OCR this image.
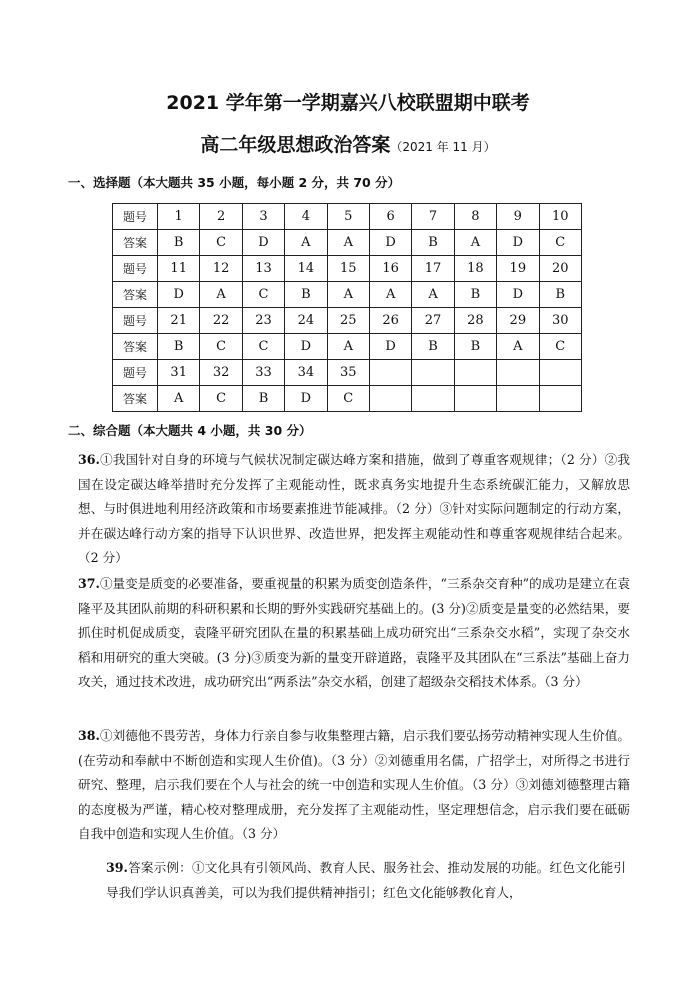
2021 学年第一学期嘉兴八校联盟期中联考
高二年级思想政治答案（2021 年 11 月）
一、选择题（本大题共 35 小题，每小题 2 分，共 70 分）
题号	1	2	3	4	5	6	7	8	9	10
答案	B	C	D	A	A	D	B	A	D	C
题号	11	12	13	14	15	16	17	18	19	20
答案	D	A	C	B	A	A	A	B	D	B
题号	21	22	23	24	25	26	27	28	29	30
答案	B	C	C	D	A	D	B	B	A	C
题号	31	32	33	34	35					
答案	A	C	B	D	C					
二、综合题（本大题共 4 小题，共 30 分）
36.①我国针对自身的环境与气候状况制定碳达峰方案和措施，做到了尊重客观规律；（2 分）②我国在设定碳达峰举措时充分发挥了主观能动性，既求真务实地提升生态系统碳汇能力，又解放思想、与时俱进地利用经济政策和市场要素推进节能减排。（2 分）③针对实际问题制定的行动方案，并在碳达峰行动方案的指导下认识世界、改造世界，把发挥主观能动性和尊重客观规律结合起来。（2 分）
37.①量变是质变的必要准备，要重视量的积累为质变创造条件，“三系杂交育种”的成功是建立在袁隆平及其团队前期的科研积累和长期的野外实践研究基础上的。(3 分)②质变是量变的必然结果，要抓住时机促成质变，袁隆平研究团队在量的积累基础上成功研究出“三系杂交水稻”，实现了杂交水稻和用研究的重大突破。(3 分)③质变为新的量变开辟道路，袁隆平及其团队在“三系法”基础上奋力攻关，通过技术改进，成功研究出“两系法”杂交水稻，创建了超级杂交稻技术体系。（3 分）
38.①刘德他不畏劳苦，身体力行亲自参与收集整理古籍，启示我们要弘扬劳动精神实现人生价值。(在劳动和奉献中不断创造和实现人生价值)。（3 分）②刘德重用名儒，广招学士，对所得之书进行研究、整理，启示我们要在个人与社会的统一中创造和实现人生价值。（3 分）③刘德刘德整理古籍的态度极为严谨，精心校对整理成册，充分发挥了主观能动性，坚定理想信念，启示我们要在砥砺自我中创造和实现人生价值。（3 分）
39.答案示例：①文化具有引领风尚、教育人民、服务社会、推动发展的功能。红色文化能引导我们学认识真善美，可以为我们提供精神指引；红色文化能够教化育人，
